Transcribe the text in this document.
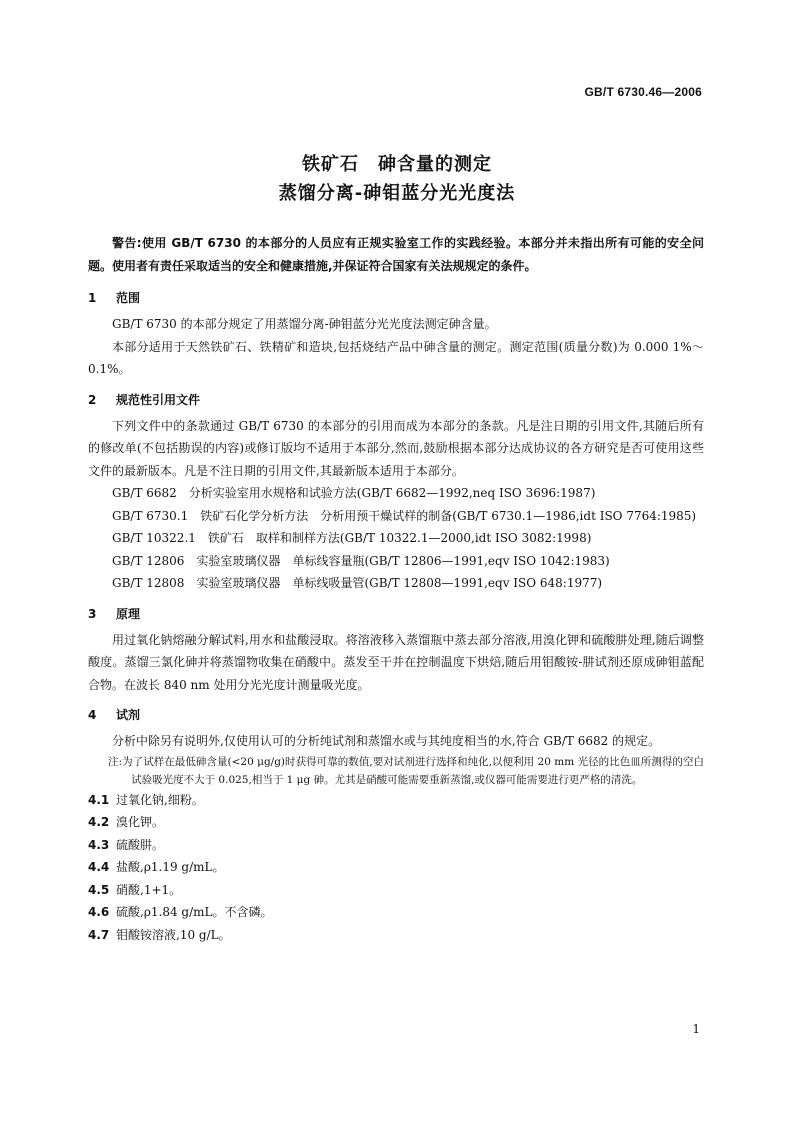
GB/T 6730.46—2006
铁矿石　砷含量的测定
蒸馏分离-砷钼蓝分光光度法

警告:使用 GB/T 6730 的本部分的人员应有正规实验室工作的实践经验。本部分并未指出所有可能的安全问题。使用者有责任采取适当的安全和健康措施,并保证符合国家有关法规规定的条件。

1 范围

GB/T 6730 的本部分规定了用蒸馏分离-砷钼蓝分光光度法测定砷含量。

本部分适用于天然铁矿石、铁精矿和造块,包括烧结产品中砷含量的测定。测定范围(质量分数)为 0.000 1%～0.1%。

2 规范性引用文件

下列文件中的条款通过 GB/T 6730 的本部分的引用而成为本部分的条款。凡是注日期的引用文件,其随后所有的修改单(不包括勘误的内容)或修订版均不适用于本部分,然而,鼓励根据本部分达成协议的各方研究是否可使用这些文件的最新版本。凡是不注日期的引用文件,其最新版本适用于本部分。

GB/T 6682　分析实验室用水规格和试验方法(GB/T 6682—1992,neq ISO 3696:1987)

GB/T 6730.1　铁矿石化学分析方法　分析用预干燥试样的制备(GB/T 6730.1—1986,idt ISO 7764:1985)

GB/T 10322.1　铁矿石　取样和制样方法(GB/T 10322.1—2000,idt ISO 3082:1998)

GB/T 12806　实验室玻璃仪器　单标线容量瓶(GB/T 12806—1991,eqv ISO 1042:1983)

GB/T 12808　实验室玻璃仪器　单标线吸量管(GB/T 12808—1991,eqv ISO 648:1977)

3 原理

用过氧化钠熔融分解试料,用水和盐酸浸取。将溶液移入蒸馏瓶中蒸去部分溶液,用溴化钾和硫酸肼处理,随后调整酸度。蒸馏三氯化砷并将蒸馏物收集在硝酸中。蒸发至干并在控制温度下烘焙,随后用钼酸铵-肼试剂还原成砷钼蓝配合物。在波长 840 nm 处用分光光度计测量吸光度。

4 试剂

分析中除另有说明外,仅使用认可的分析纯试剂和蒸馏水或与其纯度相当的水,符合 GB/T 6682 的规定。

注:为了试样在最低砷含量(<20 μg/g)时获得可靠的数值,要对试剂进行选择和纯化,以便利用 20 mm 光径的比色皿所测得的空白试验吸光度不大于 0.025,相当于 1 μg 砷。尤其是硝酸可能需要重新蒸馏,或仪器可能需要进行更严格的清洗。

4.1 过氧化钠,细粉。
4.2 溴化钾。
4.3 硫酸肼。
4.4 盐酸,ρ1.19 g/mL。
4.5 硝酸,1+1。
4.6 硫酸,ρ1.84 g/mL。不含磷。
4.7 钼酸铵溶液,10 g/L。
1
